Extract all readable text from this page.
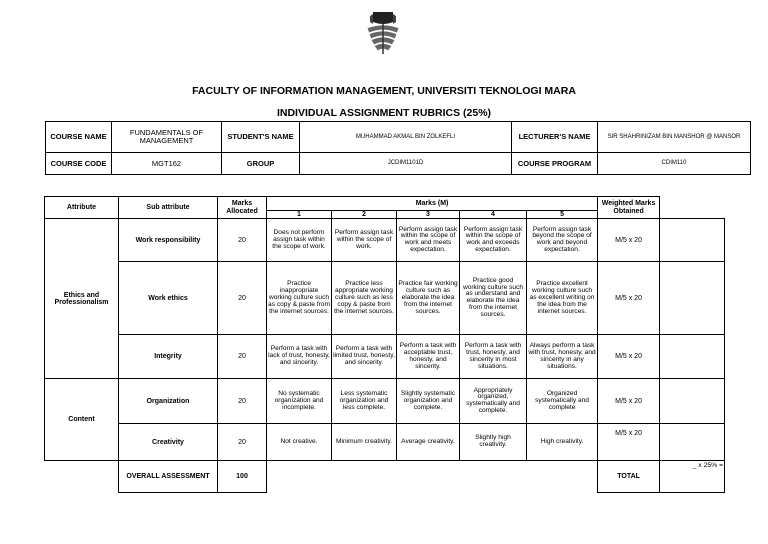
FACULTY OF INFORMATION MANAGEMENT, UNIVERSITI TEKNOLOGI MARA
INDIVIDUAL ASSIGNMENT RUBRICS (25%)
COURSE NAME	FUNDAMENTALS OF MANAGEMENT	STUDENT'S NAME	MUHAMMAD AKMAL BIN ZOLKEFLI	LECTURER'S NAME	SIR SHAHRINIZAM BIN MANSHOR @ MANSOR
COURSE CODE	MGT162	GROUP	JCDIM1101D	COURSE PROGRAM	CDIM110
Attribute	Sub attribute	Marks Allocated	Marks (M)					Weighted Marks Obtained	
			1	2	3	4	5		
Ethics and Professionalism	Work responsibility	20	Does not perform assign task within the scope of work.	Perform assign task within the scope of work.	Perform assign task within the scope of work and meets expectation.	Perform assign task within the scope of work and exceeds expectation.	Perform assign task beyond the scope of work and beyond expectation.	M/5 x 20	
	Work ethics	20	Practice inappropriate working culture such as copy & paste from the internet sources.	Practice less appropriate working culture such as less copy & paste from the internet sources.	Practice fair working culture such as elaborate the idea from the internet sources.	Practice good working culture such as understand and elaborate the idea from the internet sources.	Practice excellent working culture such as excellent writing on the idea from the internet sources.	M/5 x 20	
	Integrity	20	Perform a task with lack of trust, honesty, and sincerity.	Perform a task with limited trust, honesty, and sincerity.	Perform a task with acceptable trust, honesty, and sincerity.	Perform a task with trust, honesty, and sincerity in most situations.	Always perform a task with trust, honesty, and sincerity in any situations.	M/5 x 20	
Content	Organization	20	No systematic organization and incomplete.	Less systematic organization and less complete.	Slightly systematic organization and complete.	Appropriately organized, systematically and complete.	Organized systematically and complete	M/5 x 20	
	Creativity	20	Not creative.	Minimum creativity.	Average creativity.	Slightly high creativity.	High creativity.	M/5 x 20	
	OVERALL ASSESSMENT	100						TOTAL	_ x 25% =
